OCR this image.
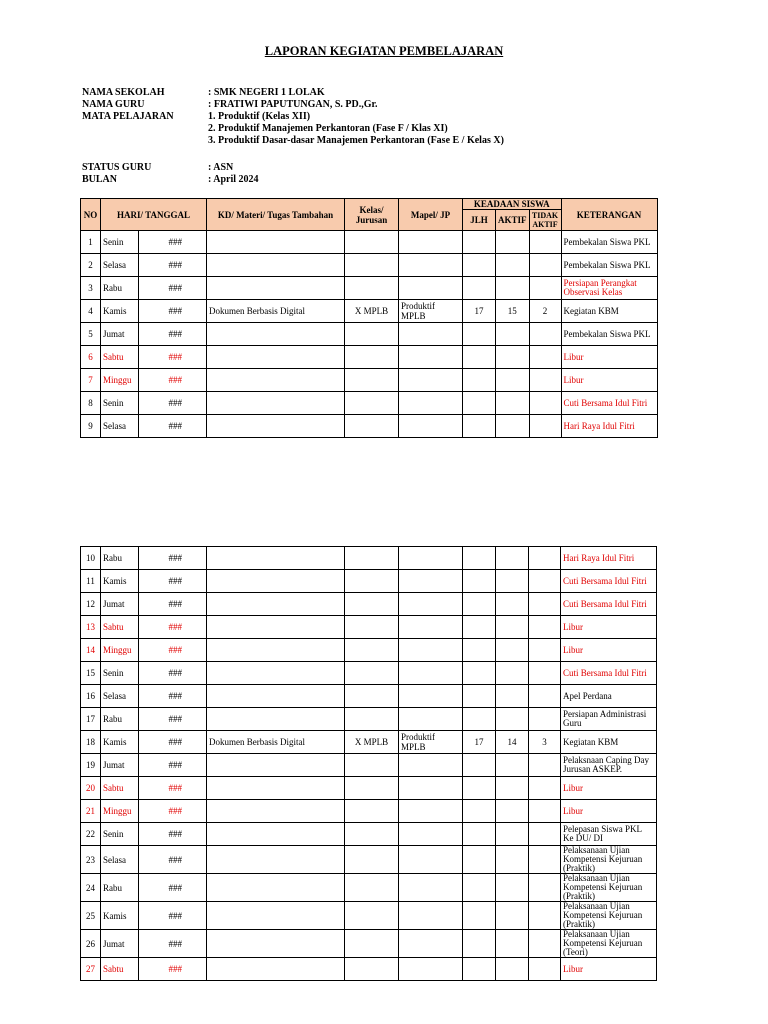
LAPORAN KEGIATAN PEMBELAJARAN
NAMA SEKOLAH	: SMK NEGERI 1 LOLAK
NAMA GURU	: FRATIWI PAPUTUNGAN, S. PD.,Gr.
MATA PELAJARAN	1. Produktif (Kelas XII)
2. Produktif Manajemen Perkantoran (Fase F / Klas XI)
3. Produktif Dasar-dasar Manajemen Perkantoran (Fase E / Kelas X)
STATUS GURU	: ASN
BULAN	: April 2024
NO	HARI/ TANGGAL		KD/ Materi/ Tugas Tambahan	Kelas/ Jurusan	Mapel/ JP	KEADAAN SISWA			KETERANGAN
						JLH	AKTIF	TIDAK AKTIF	
1	Senin	###							Pembekalan Siswa PKL
2	Selasa	###							Pembekalan Siswa PKL
3	Rabu	###							Persiapan Perangkat Observasi Kelas
4	Kamis	###	Dokumen Berbasis Digital	X MPLB	Produktif MPLB	17	15	2	Kegiatan KBM
5	Jumat	###							Pembekalan Siswa PKL
6	Sabtu	###							Libur
7	Minggu	###							Libur
8	Senin	###							Cuti Bersama Idul Fitri
9	Selasa	###							Hari Raya Idul Fitri
10	Rabu	###							Hari Raya Idul Fitri
11	Kamis	###							Cuti Bersama Idul Fitri
12	Jumat	###							Cuti Bersama Idul Fitri
13	Sabtu	###							Libur
14	Minggu	###							Libur
15	Senin	###							Cuti Bersama Idul Fitri
16	Selasa	###							Apel Perdana
17	Rabu	###							Persiapan Administrasi Guru
18	Kamis	###	Dokumen Berbasis Digital	X MPLB	Produktif MPLB	17	14	3	Kegiatan KBM
19	Jumat	###							Pelaksnaan Caping Day Jurusan ASKEP.
20	Sabtu	###							Libur
21	Minggu	###							Libur
22	Senin	###							Pelepasan Siswa PKL Ke DU/ DI
23	Selasa	###							Pelaksanaan Ujian Kompetensi Kejuruan (Praktik)
24	Rabu	###							Pelaksanaan Ujian Kompetensi Kejuruan (Praktik)
25	Kamis	###							Pelaksanaan Ujian Kompetensi Kejuruan (Praktik)
26	Jumat	###							Pelaksanaan Ujian Kompetensi Kejuruan (Teori)
27	Sabtu	###							Libur
